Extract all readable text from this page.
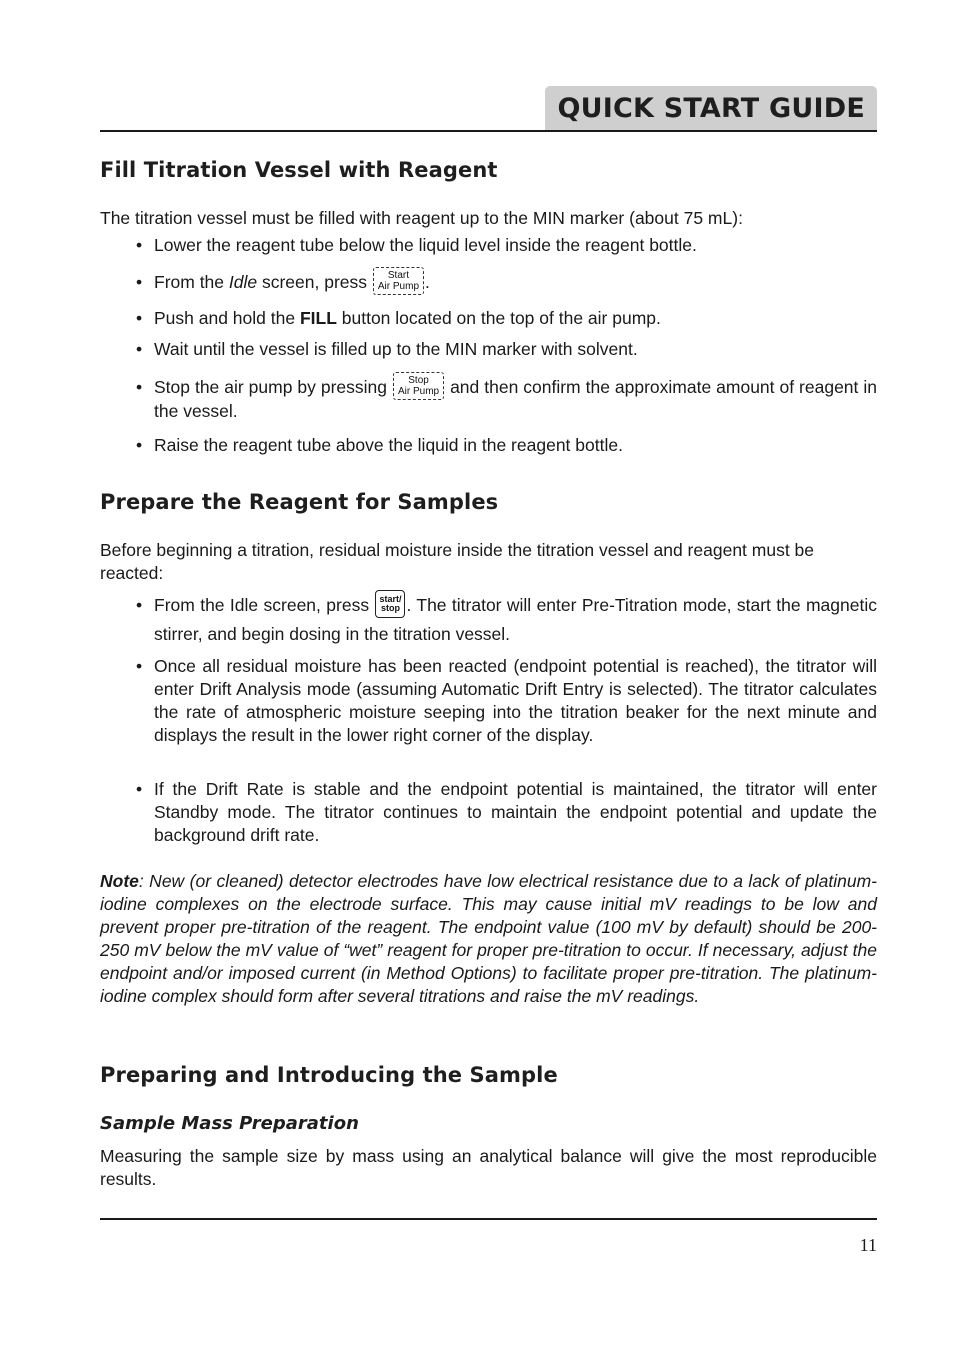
QUICK START GUIDE
Fill Titration Vessel with Reagent

The titration vessel must be filled with reagent up to the MIN marker (about 75 mL):

• Lower the reagent tube below the liquid level inside the reagent bottle.
• From the Idle screen, press	Start
Air Pump .
• Push and hold the FILL button located on the top of the air pump.
• Wait until the vessel is filled up to the MIN marker with solvent.
• Stop the air pump by pressing	Stop
Air Pump and then confirm the approximate amount of reagent in the vessel.
• Raise the reagent tube above the liquid in the reagent bottle.
Prepare the Reagent for Samples

Before beginning a titration, residual moisture inside the titration vessel and reagent must be reacted:

• From the Idle screen, press start/
stop . The titrator will enter Pre-Titration mode, start the magnetic stirrer, and begin dosing in the titration vessel.
• Once all residual moisture has been reacted (endpoint potential is reached), the titrator will enter Drift Analysis mode (assuming Automatic Drift Entry is selected). The titrator calculates the rate of atmospheric moisture seeping into the titration beaker for the next minute and displays the result in the lower right corner of the display.
• If the Drift Rate is stable and the endpoint potential is maintained, the titrator will enter Standby mode. The titrator continues to maintain the endpoint potential and update the background drift rate.
Note: New (or cleaned) detector electrodes have low electrical resistance due to a lack of platinum-iodine complexes on the electrode surface. This may cause initial mV readings to be low and prevent proper pre-titration of the reagent. The endpoint value (100 mV by default) should be 200-250 mV below the mV value of “wet” reagent for proper pre-titration to occur. If necessary, adjust the endpoint and/or imposed current (in Method Options) to facilitate proper pre-titration. The platinum-iodine complex should form after several titrations and raise the mV readings.
Preparing and Introducing the Sample
Sample Mass Preparation

Measuring the sample size by mass using an analytical balance will give the most reproducible results.

11
